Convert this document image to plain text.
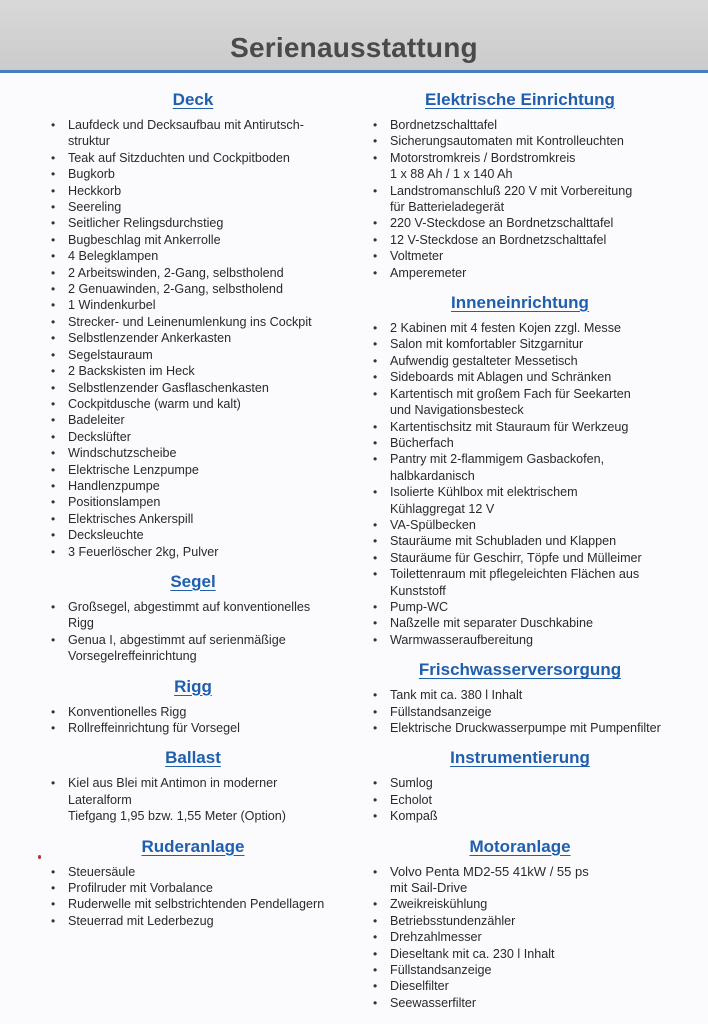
Serienausstattung
Deck
• Laufdeck und Decksaufbau mit Antirutsch-
struktur
• Teak auf Sitzduchten und Cockpitboden
• Bugkorb
• Heckkorb
• Seereling
• Seitlicher Relingsdurchstieg
• Bugbeschlag mit Ankerrolle
• 4 Belegklampen
• 2 Arbeitswinden, 2-Gang, selbstholend
• 2 Genuawinden, 2-Gang, selbstholend
• 1 Windenkurbel
• Strecker- und Leinenumlenkung ins Cockpit
• Selbstlenzender Ankerkasten
• Segelstauraum
• 2 Backskisten im Heck
• Selbstlenzender Gasflaschenkasten
• Cockpitdusche (warm und kalt)
• Badeleiter
• Deckslüfter
• Windschutzscheibe
• Elektrische Lenzpumpe
• Handlenzpumpe
• Positionslampen
• Elektrisches Ankerspill
• Decksleuchte
• 3 Feuerlöscher 2kg, Pulver
Segel
• Großsegel, abgestimmt auf konventionelles
Rigg
• Genua I, abgestimmt auf serienmäßige
Vorsegelreffeinrichtung
Rigg
• Konventionelles Rigg
• Rollreffeinrichtung für Vorsegel
Ballast
• Kiel aus Blei mit Antimon in moderner
Lateralform
Tiefgang 1,95 bzw. 1,55 Meter (Option)
Ruderanlage
• Steuersäule
• Profilruder mit Vorbalance
• Ruderwelle mit selbstrichtenden Pendellagern
• Steuerrad mit Lederbezug
Elektrische Einrichtung
• Bordnetzschalttafel
• Sicherungsautomaten mit Kontrolleuchten
• Motorstromkreis / Bordstromkreis
1 x 88 Ah / 1 x 140 Ah
• Landstromanschluß 220 V mit Vorbereitung
für Batterieladegerät
• 220 V-Steckdose an Bordnetzschalttafel
• 12 V-Steckdose an Bordnetzschalttafel
• Voltmeter
• Amperemeter
Inneneinrichtung
• 2 Kabinen mit 4 festen Kojen zzgl. Messe
• Salon mit komfortabler Sitzgarnitur
• Aufwendig gestalteter Messetisch
• Sideboards mit Ablagen und Schränken
• Kartentisch mit großem Fach für Seekarten
und Navigationsbesteck
• Kartentischsitz mit Stauraum für Werkzeug
• Bücherfach
• Pantry mit 2-flammigem Gasbackofen,
halbkardanisch
• Isolierte Kühlbox mit elektrischem
Kühlaggregat 12 V
• VA-Spülbecken
• Stauräume mit Schubladen und Klappen
• Stauräume für Geschirr, Töpfe und Mülleimer
• Toilettenraum mit pflegeleichten Flächen aus
Kunststoff
• Pump-WC
• Naßzelle mit separater Duschkabine
• Warmwasseraufbereitung
Frischwasserversorgung
• Tank mit ca. 380 l Inhalt
• Füllstandsanzeige
• Elektrische Druckwasserpumpe mit Pumpenfilter
Instrumentierung
• Sumlog
• Echolot
• Kompaß
Motoranlage
• Volvo Penta MD2-55 41kW / 55 ps
mit Sail-Drive
• Zweikreiskühlung
• Betriebsstundenzähler
• Drehzahlmesser
• Dieseltank mit ca. 230 l Inhalt
• Füllstandsanzeige
• Dieselfilter
• Seewasserfilter
